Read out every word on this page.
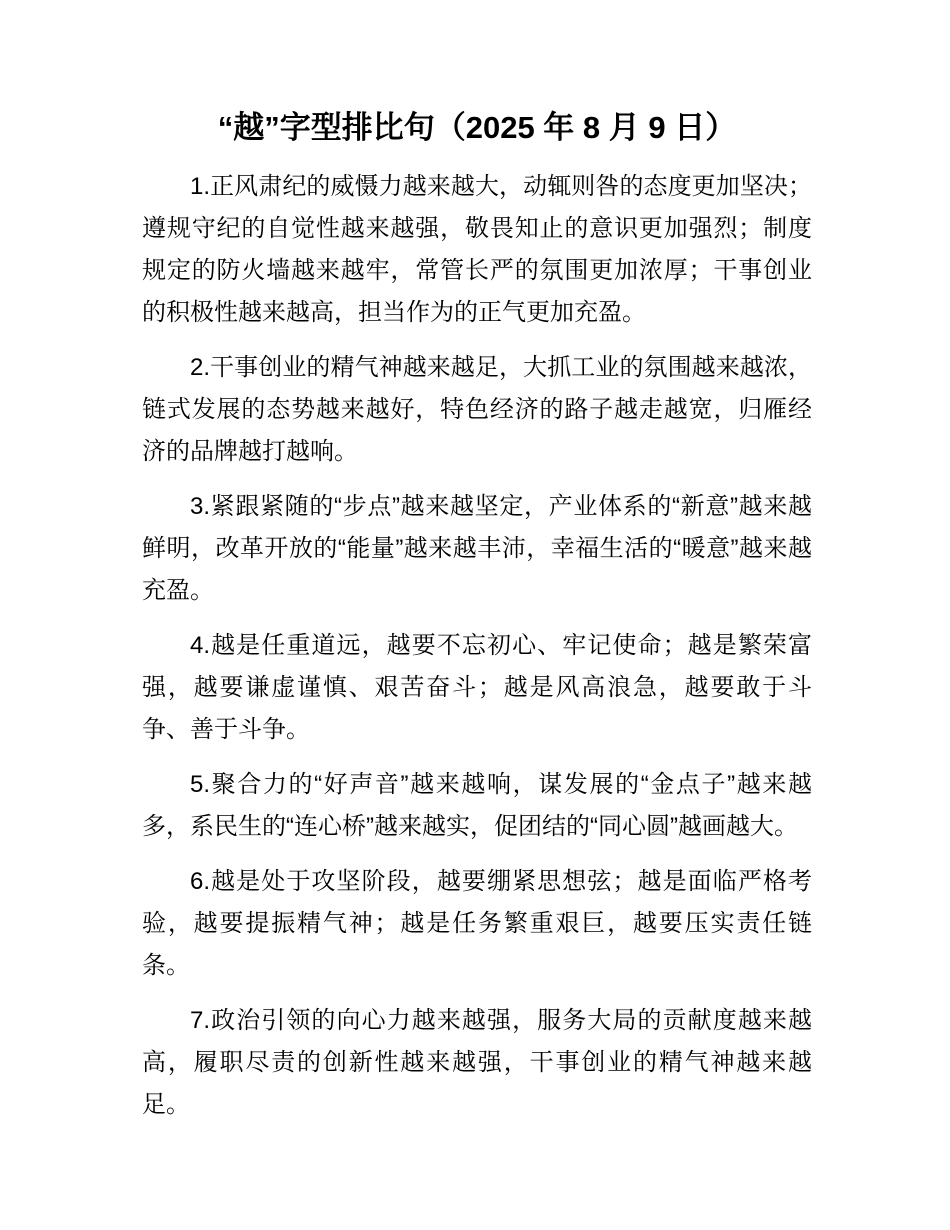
“越”字型排比句（2025 年 8 月 9 日）

1.正风肃纪的威慑力越来越大，动辄则咎的态度更加坚决；遵规守纪的自觉性越来越强，敬畏知止的意识更加强烈；制度规定的防火墙越来越牢，常管长严的氛围更加浓厚；干事创业的积极性越来越高，担当作为的正气更加充盈。

2.干事创业的精气神越来越足，大抓工业的氛围越来越浓，链式发展的态势越来越好，特色经济的路子越走越宽，归雁经济的品牌越打越响。

3.紧跟紧随的“步点”越来越坚定，产业体系的“新意”越来越鲜明，改革开放的“能量”越来越丰沛，幸福生活的“暖意”越来越充盈。

4.越是任重道远，越要不忘初心、牢记使命；越是繁荣富强，越要谦虚谨慎、艰苦奋斗；越是风高浪急，越要敢于斗争、善于斗争。

5.聚合力的“好声音”越来越响，谋发展的“金点子”越来越多，系民生的“连心桥”越来越实，促团结的“同心圆”越画越大。

6.越是处于攻坚阶段，越要绷紧思想弦；越是面临严格考验，越要提振精气神；越是任务繁重艰巨，越要压实责任链条。

7.政治引领的向心力越来越强，服务大局的贡献度越来越高，履职尽责的创新性越来越强，干事创业的精气神越来越足。
